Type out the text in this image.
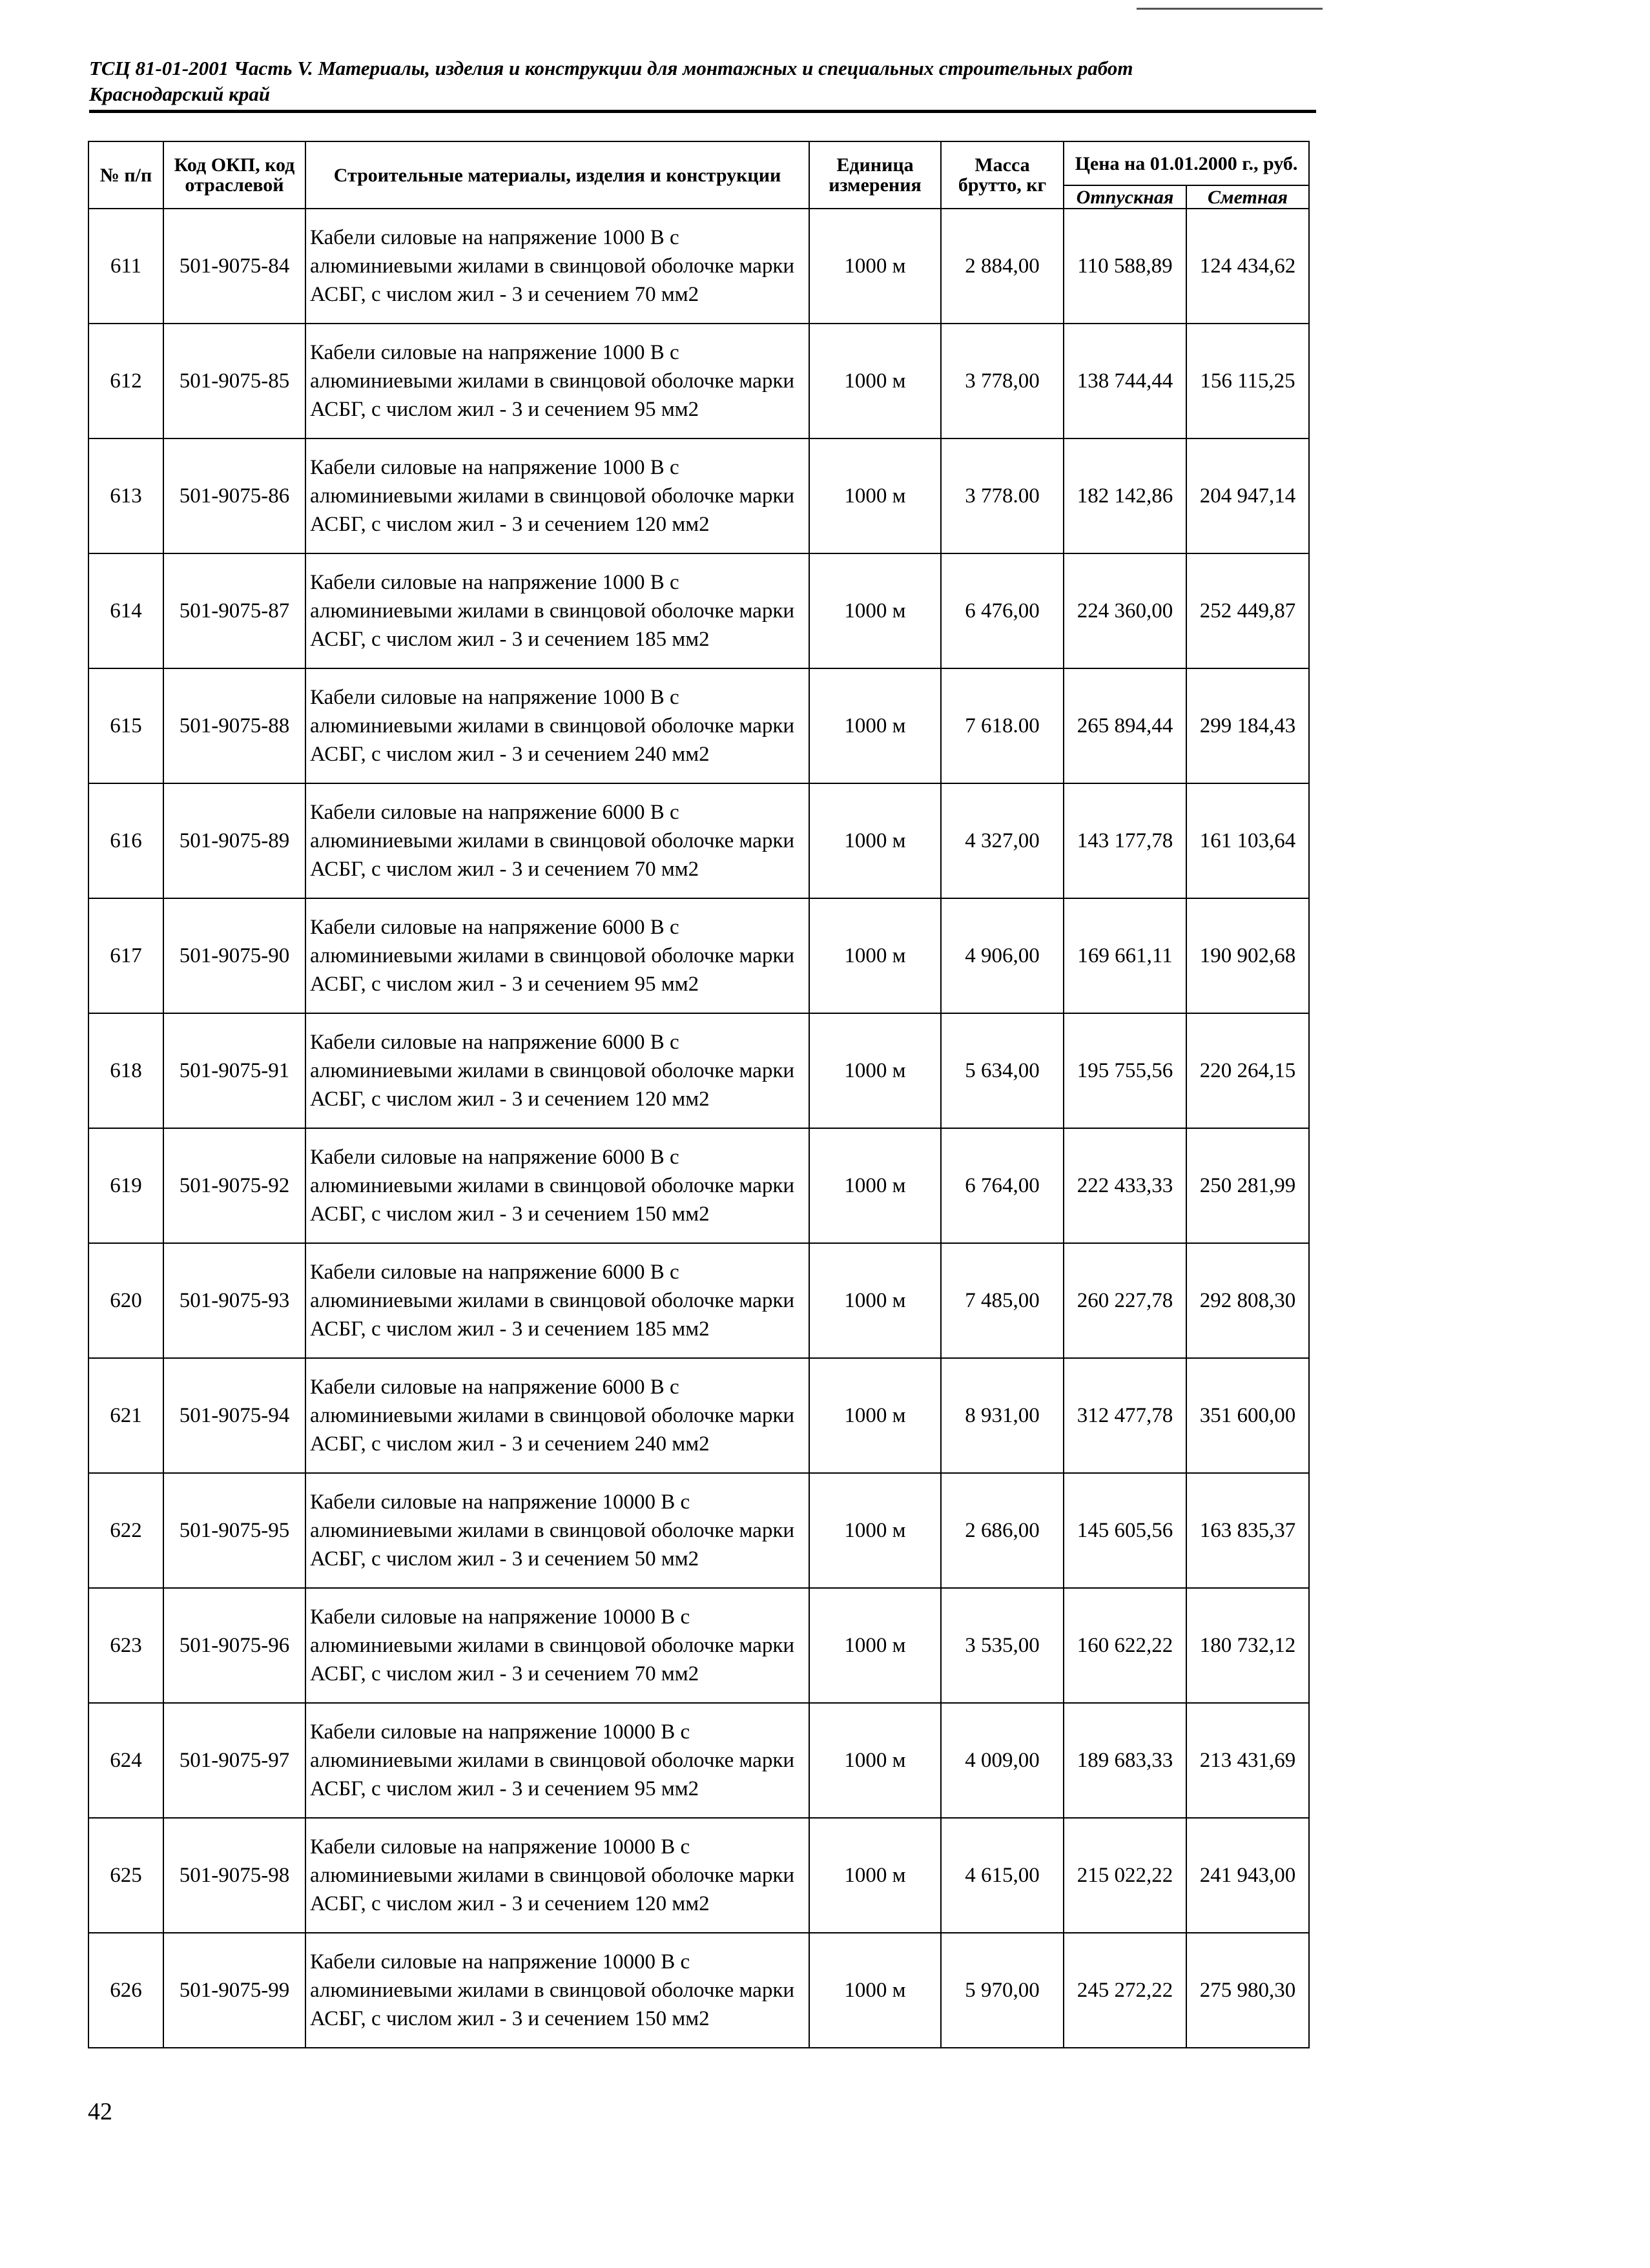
ТСЦ 81-01-2001 Часть V. Материалы, изделия и конструкции для монтажных и специальных строительных работ
Краснодарский край
№ п/п	Код ОКП, код отраслевой	Строительные материалы, изделия и конструкции	Единица измерения	Масса брутто, кг	Цена на 01.01.2000 г., руб.	
					Отпускная	Сметная
611	501-9075-84	Кабели силовые на напряжение 1000 В с алюминиевыми жилами в свинцовой оболочке марки АСБГ, с числом жил - 3 и сечением 70 мм2	1000 м	2 884,00	110 588,89	124 434,62
612	501-9075-85	Кабели силовые на напряжение 1000 В с алюминиевыми жилами в свинцовой оболочке марки АСБГ, с числом жил - 3 и сечением 95 мм2	1000 м	3 778,00	138 744,44	156 115,25
613	501-9075-86	Кабели силовые на напряжение 1000 В с алюминиевыми жилами в свинцовой оболочке марки АСБГ, с числом жил - 3 и сечением 120 мм2	1000 м	3 778.00	182 142,86	204 947,14
614	501-9075-87	Кабели силовые на напряжение 1000 В с алюминиевыми жилами в свинцовой оболочке марки АСБГ, с числом жил - 3 и сечением 185 мм2	1000 м	6 476,00	224 360,00	252 449,87
615	501-9075-88	Кабели силовые на напряжение 1000 В с алюминиевыми жилами в свинцовой оболочке марки АСБГ, с числом жил - 3 и сечением 240 мм2	1000 м	7 618.00	265 894,44	299 184,43
616	501-9075-89	Кабели силовые на напряжение 6000 В с алюминиевыми жилами в свинцовой оболочке марки АСБГ, с числом жил - 3 и сечением 70 мм2	1000 м	4 327,00	143 177,78	161 103,64
617	501-9075-90	Кабели силовые на напряжение 6000 В с алюминиевыми жилами в свинцовой оболочке марки АСБГ, с числом жил - 3 и сечением 95 мм2	1000 м	4 906,00	169 661,11	190 902,68
618	501-9075-91	Кабели силовые на напряжение 6000 В с алюминиевыми жилами в свинцовой оболочке марки АСБГ, с числом жил - 3 и сечением 120 мм2	1000 м	5 634,00	195 755,56	220 264,15
619	501-9075-92	Кабели силовые на напряжение 6000 В с алюминиевыми жилами в свинцовой оболочке марки АСБГ, с числом жил - 3 и сечением 150 мм2	1000 м	6 764,00	222 433,33	250 281,99
620	501-9075-93	Кабели силовые на напряжение 6000 В с алюминиевыми жилами в свинцовой оболочке марки АСБГ, с числом жил - 3 и сечением 185 мм2	1000 м	7 485,00	260 227,78	292 808,30
621	501-9075-94	Кабели силовые на напряжение 6000 В с алюминиевыми жилами в свинцовой оболочке марки АСБГ, с числом жил - 3 и сечением 240 мм2	1000 м	8 931,00	312 477,78	351 600,00
622	501-9075-95	Кабели силовые на напряжение 10000 В с алюминиевыми жилами в свинцовой оболочке марки АСБГ, с числом жил - 3 и сечением 50 мм2	1000 м	2 686,00	145 605,56	163 835,37
623	501-9075-96	Кабели силовые на напряжение 10000 В с алюминиевыми жилами в свинцовой оболочке марки АСБГ, с числом жил - 3 и сечением 70 мм2	1000 м	3 535,00	160 622,22	180 732,12
624	501-9075-97	Кабели силовые на напряжение 10000 В с алюминиевыми жилами в свинцовой оболочке марки АСБГ, с числом жил - 3 и сечением 95 мм2	1000 м	4 009,00	189 683,33	213 431,69
625	501-9075-98	Кабели силовые на напряжение 10000 В с алюминиевыми жилами в свинцовой оболочке марки АСБГ, с числом жил - 3 и сечением 120 мм2	1000 м	4 615,00	215 022,22	241 943,00
626	501-9075-99	Кабели силовые на напряжение 10000 В с алюминиевыми жилами в свинцовой оболочке марки АСБГ, с числом жил - 3 и сечением 150 мм2	1000 м	5 970,00	245 272,22	275 980,30
42
